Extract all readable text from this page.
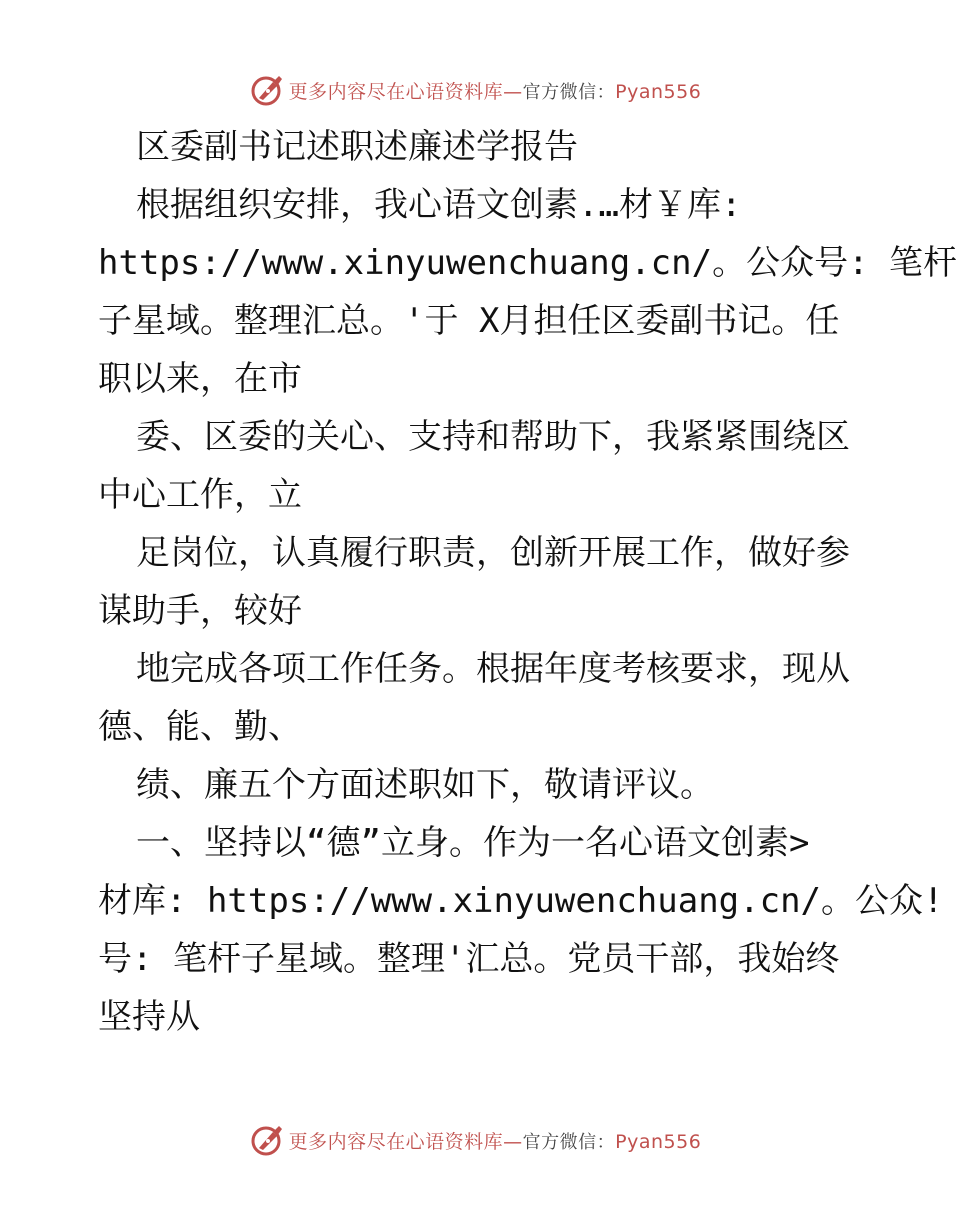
更多内容尽在心语资料库—官方微信：Pyan556
区委副书记述职述廉述学报告
根据组织安排，我心语文创素.…材￥库:
https://www.xinyuwenchuang.cn/。公众号: 笔杆
子星域。整理汇总。'于 X月担任区委副书记。任
职以来，在市
委、区委的关心、支持和帮助下，我紧紧围绕区
中心工作，立
足岗位，认真履行职责，创新开展工作，做好参
谋助手，较好
地完成各项工作任务。根据年度考核要求，现从
德、能、勤、
绩、廉五个方面述职如下，敬请评议。
一、坚持以“德”立身。作为一名心语文创素>
材库: https://www.xinyuwenchuang.cn/。公众!
号: 笔杆子星域。整理'汇总。党员干部，我始终
坚持从
更多内容尽在心语资料库—官方微信：Pyan556
